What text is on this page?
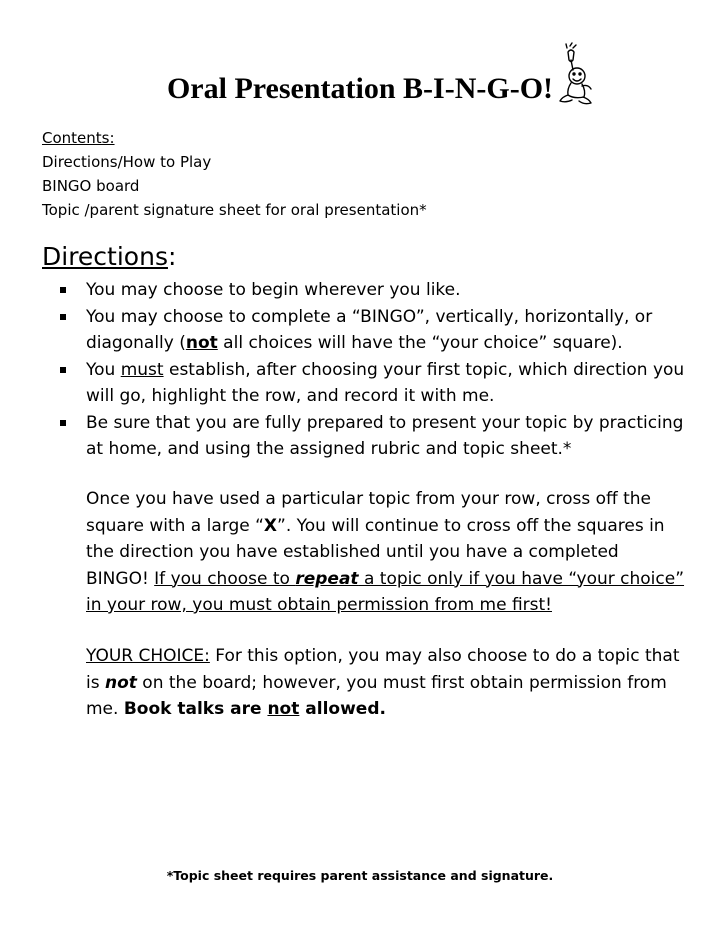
Oral Presentation B-I-N-G-O!
Contents:
Directions/How to Play
BINGO board
Topic /parent signature sheet for oral presentation*
Directions:
You may choose to begin wherever you like.
You may choose to complete a “BINGO”, vertically, horizontally, or diagonally (not all choices will have the “your choice” square).
You must establish, after choosing your first topic, which direction you will go, highlight the row, and record it with me.
Be sure that you are fully prepared to present your topic by practicing at home, and using the assigned rubric and topic sheet.*

Once you have used a particular topic from your row, cross off the square with a large “X”. You will continue to cross off the squares in the direction you have established until you have a completed BINGO! If you choose to repeat a topic only if you have “your choice” in your row, you must obtain permission from me first!

YOUR CHOICE: For this option, you may also choose to do a topic that is not on the board; however, you must first obtain permission from me. Book talks are not allowed.

*Topic sheet requires parent assistance and signature.
